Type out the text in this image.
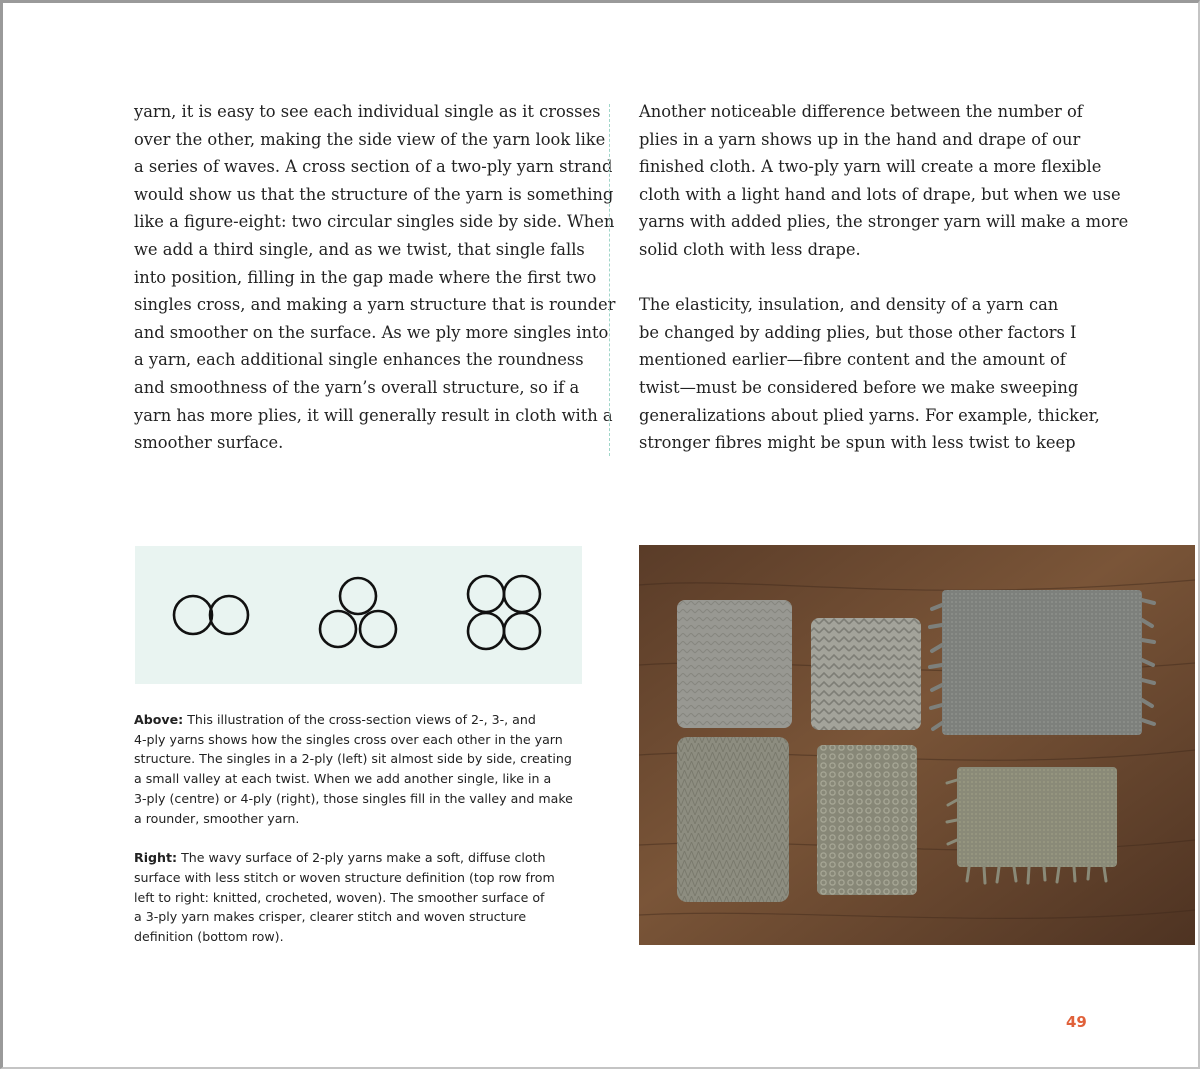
yarn, it is easy to see each individual single as it crosses
over the other, making the side view of the yarn look like
a series of waves. A cross section of a two-ply yarn strand
would show us that the structure of the yarn is something
like a figure-eight: two circular singles side by side. When
we add a third single, and as we twist, that single falls
into position, filling in the gap made where the first two
singles cross, and making a yarn structure that is rounder
and smoother on the surface. As we ply more singles into
a yarn, each additional single enhances the roundness
and smoothness of the yarn’s overall structure, so if a
yarn has more plies, it will generally result in cloth with a
smoother surface.

Another noticeable difference between the number of
plies in a yarn shows up in the hand and drape of our
finished cloth. A two-ply yarn will create a more flexible
cloth with a light hand and lots of drape, but when we use
yarns with added plies, the stronger yarn will make a more
solid cloth with less drape.

The elasticity, insulation, and density of a yarn can
be changed by adding plies, but those other factors I
mentioned earlier—fibre content and the amount of
twist—must be considered before we make sweeping
generalizations about plied yarns. For example, thicker,
stronger fibres might be spun with less twist to keep

Above: This illustration of the cross-section views of 2-, 3-, and
4-ply yarns shows how the singles cross over each other in the yarn
structure. The singles in a 2-ply (left) sit almost side by side, creating
a small valley at each twist. When we add another single, like in a
3-ply (centre) or 4-ply (right), those singles fill in the valley and make
a rounder, smoother yarn.

Right: The wavy surface of 2-ply yarns make a soft, diffuse cloth
surface with less stitch or woven structure definition (top row from
left to right: knitted, crocheted, woven). The smoother surface of
a 3-ply yarn makes crisper, clearer stitch and woven structure
definition (bottom row).

49
